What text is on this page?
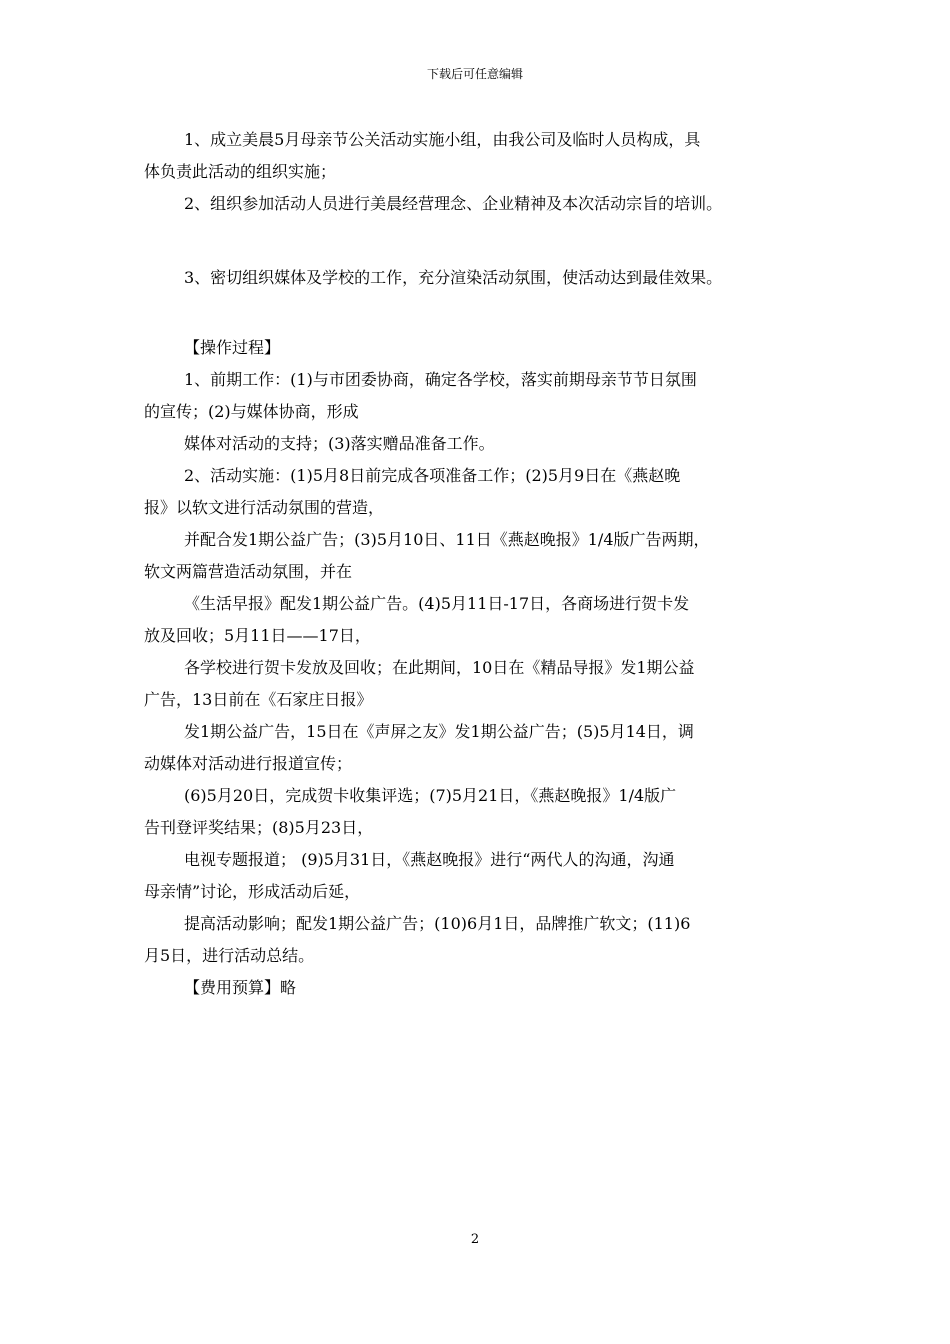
下载后可任意编辑

1、成立美晨5月母亲节公关活动实施小组，由我公司及临时人员构成，具

体负责此活动的组织实施；

2、组织参加活动人员进行美晨经营理念、企业精神及本次活动宗旨的培训。

3、密切组织媒体及学校的工作，充分渲染活动氛围，使活动达到最佳效果。

【操作过程】

1、前期工作：(1)与市团委协商，确定各学校，落实前期母亲节节日氛围

的宣传；(2)与媒体协商，形成

媒体对活动的支持；(3)落实赠品准备工作。

2、活动实施：(1)5月8日前完成各项准备工作；(2)5月9日在《燕赵晚

报》以软文进行活动氛围的营造，

并配合发1期公益广告；(3)5月10日、11日《燕赵晚报》1/4版广告两期，

软文两篇营造活动氛围，并在

《生活早报》配发1期公益广告。(4)5月11日-17日，各商场进行贺卡发

放及回收；5月11日——17日，

各学校进行贺卡发放及回收；在此期间，10日在《精品导报》发1期公益

广告，13日前在《石家庄日报》

发1期公益广告，15日在《声屏之友》发1期公益广告；(5)5月14日，调

动媒体对活动进行报道宣传；

(6)5月20日，完成贺卡收集评选；(7)5月21日，《燕赵晚报》1/4版广

告刊登评奖结果；(8)5月23日，

电视专题报道； (9)5月31日，《燕赵晚报》进行“两代人的沟通，沟通

母亲情”讨论，形成活动后延，

提高活动影响；配发1期公益广告；(10)6月1日，品牌推广软文；(11)6

月5日，进行活动总结。

【费用预算】略

2
